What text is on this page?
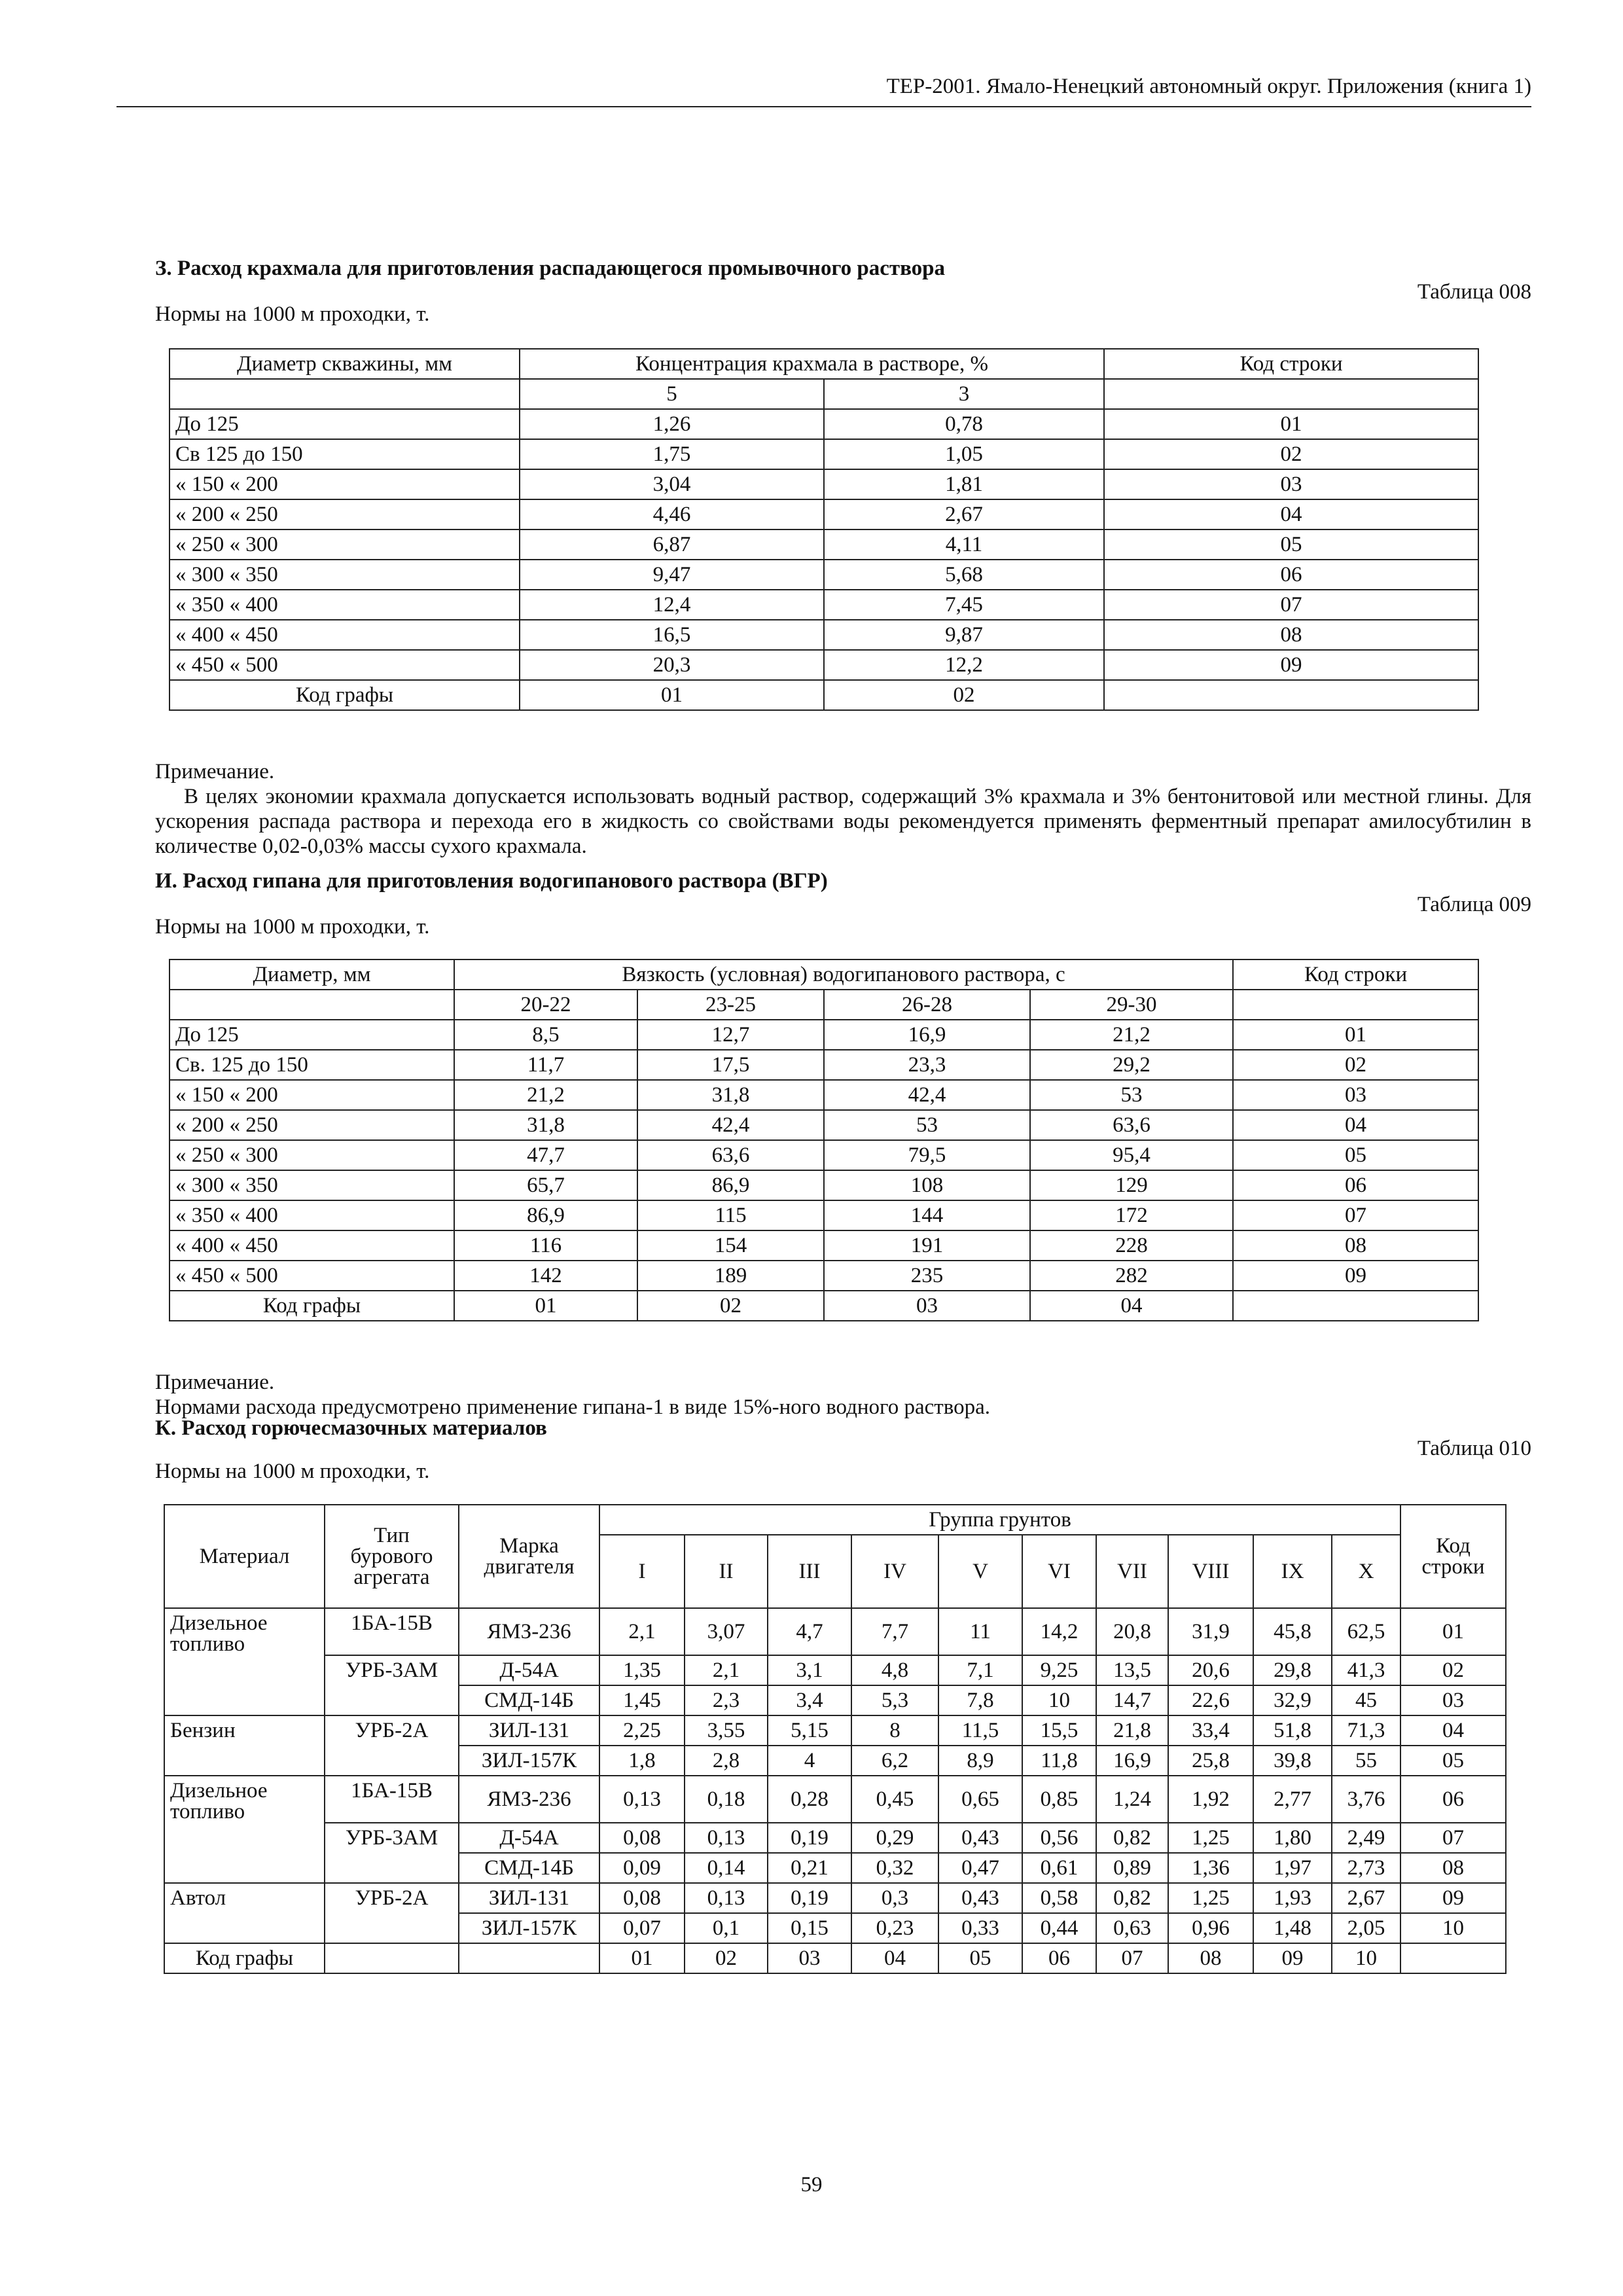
ТЕР-2001. Ямало-Ненецкий автономный округ. Приложения (книга 1)
З. Расход крахмала для приготовления распадающегося промывочного раствора
Таблица 008
Нормы на 1000 м проходки, т.
Диаметр скважины, мм	Концентрация крахмала в растворе, %		Код строки
	5	3	
До 125	1,26	0,78	01
Св 125 до 150	1,75	1,05	02
« 150 « 200	3,04	1,81	03
« 200 « 250	4,46	2,67	04
« 250 « 300	6,87	4,11	05
« 300 « 350	9,47	5,68	06
« 350 « 400	12,4	7,45	07
« 400 « 450	16,5	9,87	08
« 450 « 500	20,3	12,2	09
Код графы	01	02	

Примечание.

В целях экономии крахмала допускается использовать водный раствор, содержащий 3% крахмала и 3% бентонитовой или местной глины. Для ускорения распада раствора и перехода его в жидкость со свойствами воды рекомендуется применять ферментный препарат амилосубтилин в количестве 0,02-0,03% массы сухого крахмала.

И. Расход гипана для приготовления водогипанового раствора (ВГР)
Таблица 009
Нормы на 1000 м проходки, т.
Диаметр, мм	Вязкость (условная) водогипанового раствора, с				Код строки
	20-22	23-25	26-28	29-30	
До 125	8,5	12,7	16,9	21,2	01
Св. 125 до 150	11,7	17,5	23,3	29,2	02
« 150 « 200	21,2	31,8	42,4	53	03
« 200 « 250	31,8	42,4	53	63,6	04
« 250 « 300	47,7	63,6	79,5	95,4	05
« 300 « 350	65,7	86,9	108	129	06
« 350 « 400	86,9	115	144	172	07
« 400 « 450	116	154	191	228	08
« 450 « 500	142	189	235	282	09
Код графы	01	02	03	04	

Примечание.

Нормами расхода предусмотрено применение гипана-1 в виде 15%-ного водного раствора.

К. Расход горючесмазочных материалов
Таблица 010
Нормы на 1000 м проходки, т.
Материал	Тип бурового агрегата	Марка двигателя	Группа грунтов										Код строки
			I	II	III	IV	V	VI	VII	VIII	IX	X	
Дизельное топливо	1БА-15В	ЯМЗ-236	2,1	3,07	4,7	7,7	11	14,2	20,8	31,9	45,8	62,5	01
	УРБ-3АМ	Д-54А	1,35	2,1	3,1	4,8	7,1	9,25	13,5	20,6	29,8	41,3	02
		СМД-14Б	1,45	2,3	3,4	5,3	7,8	10	14,7	22,6	32,9	45	03
Бензин	УРБ-2А	ЗИЛ-131	2,25	3,55	5,15	8	11,5	15,5	21,8	33,4	51,8	71,3	04
		ЗИЛ-157К	1,8	2,8	4	6,2	8,9	11,8	16,9	25,8	39,8	55	05
Дизельное топливо	1БА-15В	ЯМЗ-236	0,13	0,18	0,28	0,45	0,65	0,85	1,24	1,92	2,77	3,76	06
	УРБ-3АМ	Д-54А	0,08	0,13	0,19	0,29	0,43	0,56	0,82	1,25	1,80	2,49	07
		СМД-14Б	0,09	0,14	0,21	0,32	0,47	0,61	0,89	1,36	1,97	2,73	08
Автол	УРБ-2А	ЗИЛ-131	0,08	0,13	0,19	0,3	0,43	0,58	0,82	1,25	1,93	2,67	09
		ЗИЛ-157К	0,07	0,1	0,15	0,23	0,33	0,44	0,63	0,96	1,48	2,05	10
Код графы			01	02	03	04	05	06	07	08	09	10	
59
